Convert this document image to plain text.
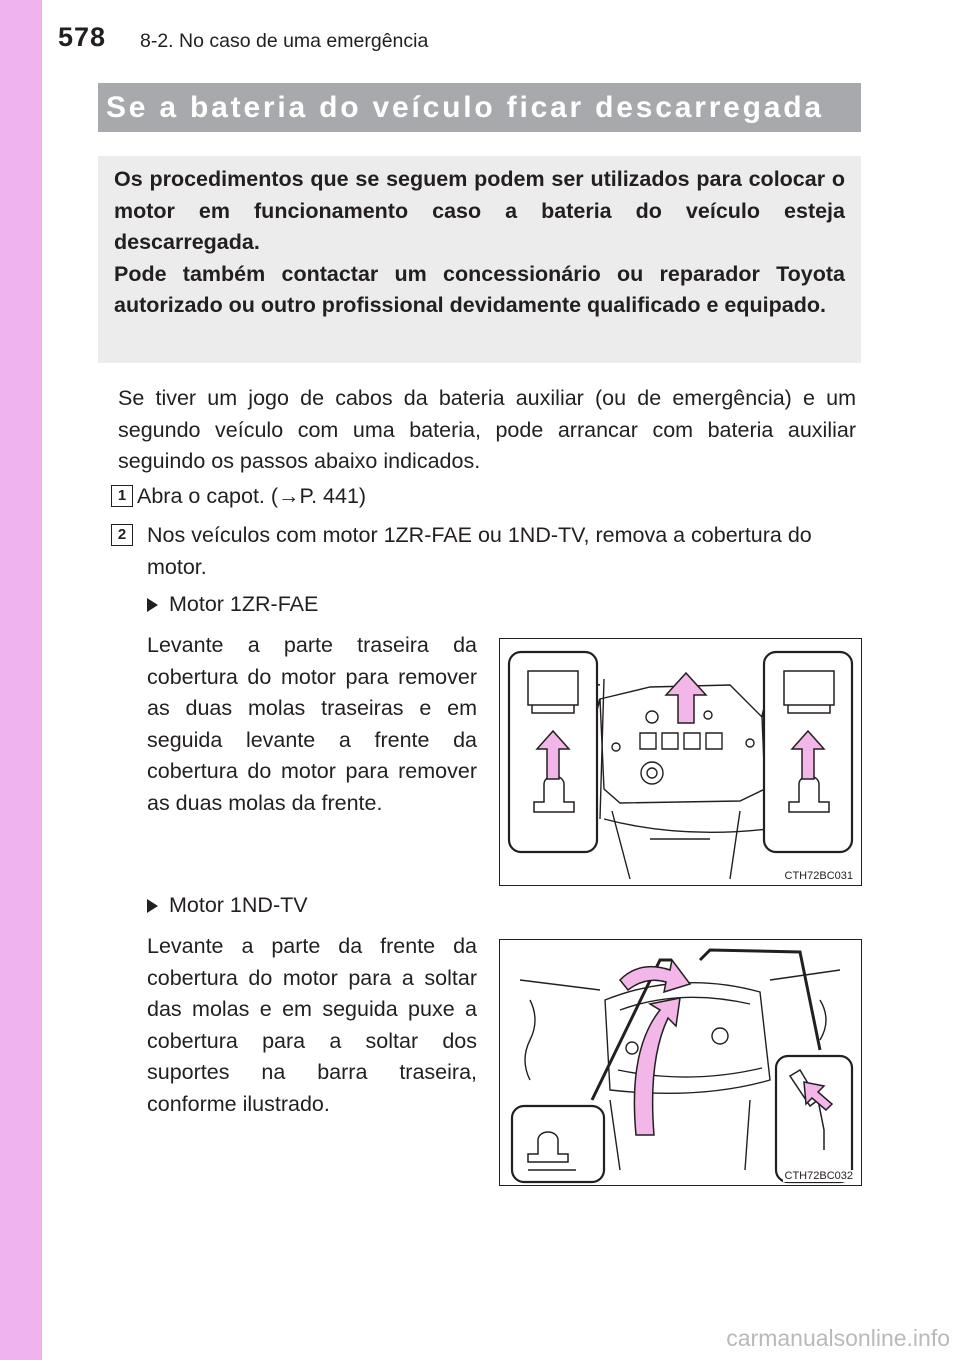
578 8-2. No caso de uma emergência
Se a bateria do veículo ficar descarregada

Os procedimentos que se seguem podem ser utilizados para colocar o motor em funcionamento caso a bateria do veículo esteja descarregada.

Pode também contactar um concessionário ou reparador Toyota autorizado ou outro profissional devidamente qualificado e equipado.

Se tiver um jogo de cabos da bateria auxiliar (ou de emergência) e um segundo veículo com uma bateria, pode arrancar com bateria auxiliar seguindo os passos abaixo indicados.

1 Abra o capot. (→P. 441)

2 Nos veículos com motor 1ZR-FAE ou 1ND-TV, remova a cobertura do motor.

Motor 1ZR-FAE

Levante a parte traseira da cobertura do motor para remover as duas molas traseiras e em seguida levante a frente da cobertura do motor para remover as duas molas da frente.

CTH72BC031
Motor 1ND-TV

Levante a parte da frente da cobertura do motor para a soltar das molas e em seguida puxe a cobertura para a soltar dos suportes na barra traseira, conforme ilustrado.

CTH72BC032
carmanualsonline.info
